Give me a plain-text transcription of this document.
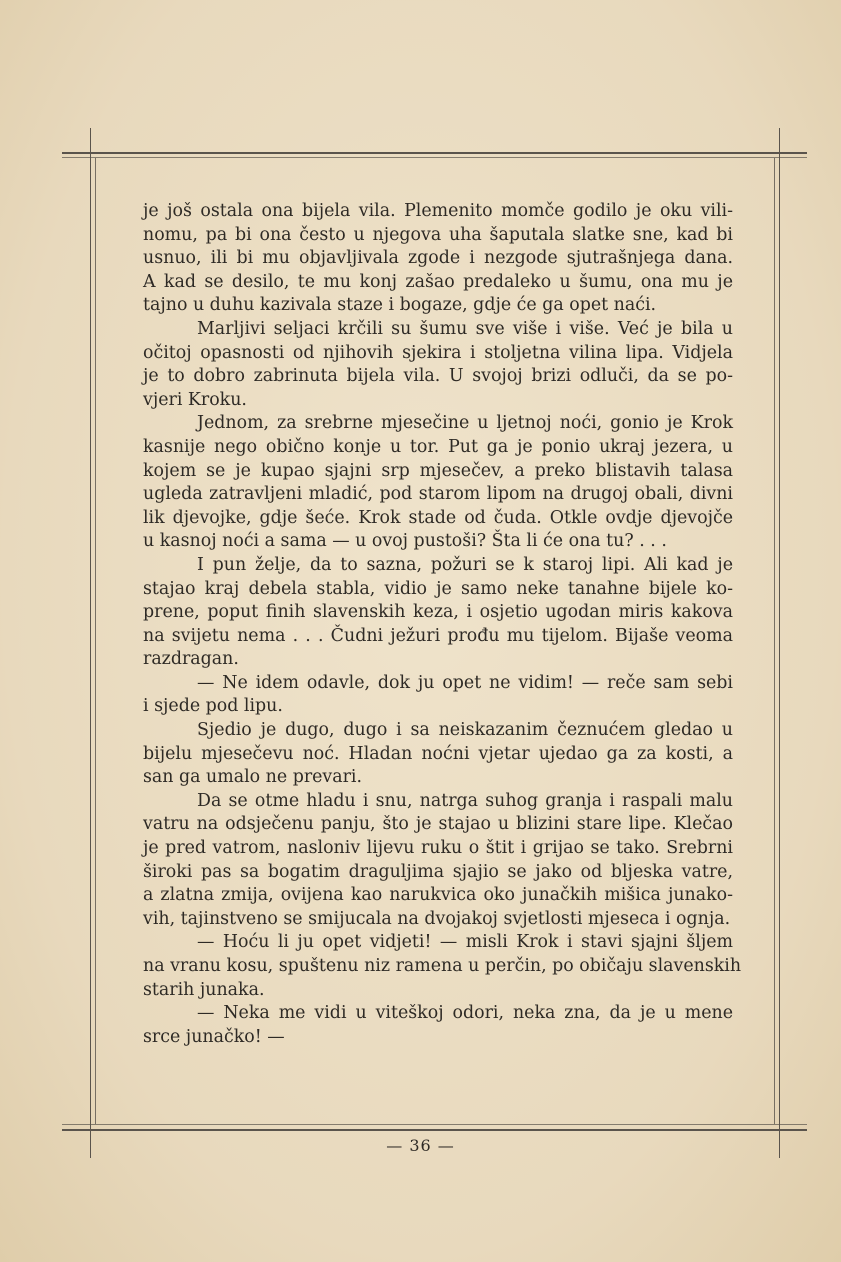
je još ostala ona bijela vila. Plemenito momče godilo je oku vili-
nomu, pa bi ona često u njegova uha šaputala slatke sne, kad bi
usnuo, ili bi mu objavljivala zgode i nezgode sjutrašnjega dana.
A kad se desilo, te mu konj zašao predaleko u šumu, ona mu je
tajno u duhu kazivala staze i bogaze, gdje će ga opet naći.
Marljivi seljaci krčili su šumu sve više i više. Već je bila u
očitoj opasnosti od njihovih sjekira i stoljetna vilina lipa. Vidjela
je to dobro zabrinuta bijela vila. U svojoj brizi odluči, da se po-
vjeri Kroku.
Jednom, za srebrne mjesečine u ljetnoj noći, gonio je Krok
kasnije nego obično konje u tor. Put ga je ponio ukraj jezera, u
kojem se je kupao sjajni srp mjesečev, a preko blistavih talasa
ugleda zatravljeni mladić, pod starom lipom na drugoj obali, divni
lik djevojke, gdje šeće. Krok stade od čuda. Otkle ovdje djevojče
u kasnoj noći a sama — u ovoj pustoši? Šta li će ona tu? . . .
I pun želje, da to sazna, požuri se k staroj lipi. Ali kad je
stajao kraj debela stabla, vidio je samo neke tanahne bijele ko-
prene, poput finih slavenskih keza, i osjetio ugodan miris kakova
na svijetu nema . . . Čudni ježuri prođu mu tijelom. Bijaše veoma
razdragan.
— Ne idem odavle, dok ju opet ne vidim! — reče sam sebi
i sjede pod lipu.
Sjedio je dugo, dugo i sa neiskazanim čeznućem gledao u
bijelu mjesečevu noć. Hladan noćni vjetar ujedao ga za kosti, a
san ga umalo ne prevari.
Da se otme hladu i snu, natrga suhog granja i raspali malu
vatru na odsječenu panju, što je stajao u blizini stare lipe. Klečao
je pred vatrom, nasloniv lijevu ruku o štit i grijao se tako. Srebrni
široki pas sa bogatim draguljima sjajio se jako od bljeska vatre,
a zlatna zmija, ovijena kao narukvica oko junačkih mišica junako-
vih, tajinstveno se smijucala na dvojakoj svjetlosti mjeseca i ognja.
— Hoću li ju opet vidjeti! — misli Krok i stavi sjajni šljem
na vranu kosu, spuštenu niz ramena u perčin, po običaju slavenskih
starih junaka.
— Neka me vidi u viteškoj odori, neka zna, da je u mene
srce junačko! —
— 36 —
